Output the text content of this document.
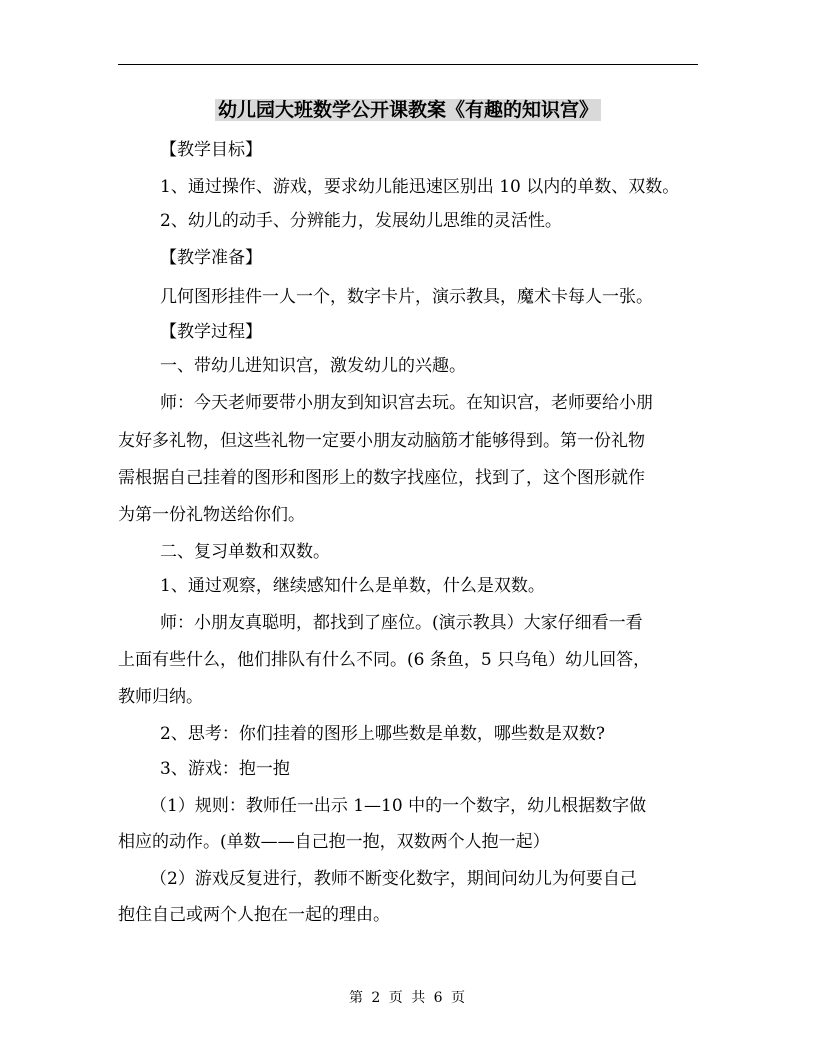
幼儿园大班数学公开课教案《有趣的知识宫》
【教学目标】
1、通过操作、游戏，要求幼儿能迅速区别出 10 以内的单数、双数。
2、幼儿的动手、分辨能力，发展幼儿思维的灵活性。
【教学准备】
几何图形挂件一人一个，数字卡片，演示教具，魔术卡每人一张。
【教学过程】
一、带幼儿进知识宫，激发幼儿的兴趣。
师：今天老师要带小朋友到知识宫去玩。在知识宫，老师要给小朋
友好多礼物，但这些礼物一定要小朋友动脑筋才能够得到。第一份礼物
需根据自己挂着的图形和图形上的数字找座位，找到了，这个图形就作
为第一份礼物送给你们。
二、复习单数和双数。
1、通过观察，继续感知什么是单数，什么是双数。
师：小朋友真聪明，都找到了座位。(演示教具）大家仔细看一看
上面有些什么，他们排队有什么不同。(6 条鱼，5 只乌龟）幼儿回答，
教师归纳。
2、思考：你们挂着的图形上哪些数是单数，哪些数是双数?
3、游戏：抱一抱
（1）规则：教师任一出示 1—10 中的一个数字，幼儿根据数字做
相应的动作。(单数——自己抱一抱，双数两个人抱一起）
（2）游戏反复进行，教师不断变化数字，期间问幼儿为何要自己
抱住自己或两个人抱在一起的理由。
第 2 页 共 6 页
